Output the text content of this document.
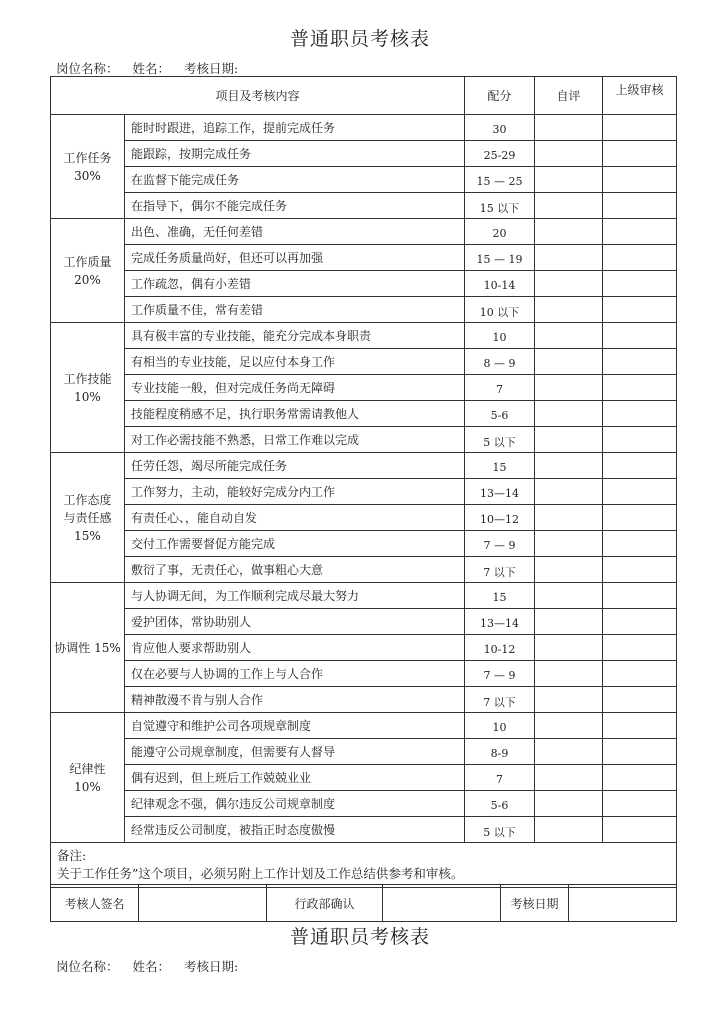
普通职员考核表
岗位名称： 姓名： 考核日期:
项目及考核内容		配分	自评	上级审核
工作任务
30%	能时时跟进，追踪工作，提前完成任务	30		
	能跟踪，按期完成任务	25-29		
	在监督下能完成任务	15 — 25		
	在指导下，偶尔不能完成任务	15 以下		
工作质量
20%	出色、准确，无任何差错	20		
	完成任务质量尚好，但还可以再加强	15 — 19		
	工作疏忽，偶有小差错	10-14		
	工作质量不佳，常有差错	10 以下		
工作技能
10%	具有极丰富的专业技能，能充分完成本身职责	10		
	有相当的专业技能，足以应付本身工作	8 — 9		
	专业技能一般，但对完成任务尚无障碍	7		
	技能程度稍感不足，执行职务常需请教他人	5-6		
	对工作必需技能不熟悉，日常工作难以完成	5 以下		
工作态度
与责任感
15%	任劳任怨，竭尽所能完成任务	15		
	工作努力，主动，能较好完成分内工作	13—14		
	有责任心、，能自动自发	10—12		
	交付工作需要督促方能完成	7 — 9		
	敷衍了事，无责任心，做事粗心大意	7 以下		
协调性 15%	与人协调无间，为工作顺利完成尽最大努力	15		
	爱护团体，常协助别人	13—14		
	肯应他人要求帮助别人	10-12		
	仅在必要与人协调的工作上与人合作	7 — 9		
	精神散漫不肯与别人合作	7 以下		
纪律性
10%	自觉遵守和维护公司各项规章制度	10		
	能遵守公司规章制度，但需要有人督导	8-9		
	偶有迟到，但上班后工作兢兢业业	7		
	纪律观念不强，偶尔违反公司规章制度	5-6		
	经常违反公司制度，被指正时态度傲慢	5 以下		

备注:
关于工作任务”这个项目，必须另附上工作计划及工作总结供参考和审核。				
考核人签名		行政部确认		考核日期	
普通职员考核表
岗位名称： 姓名： 考核日期:
